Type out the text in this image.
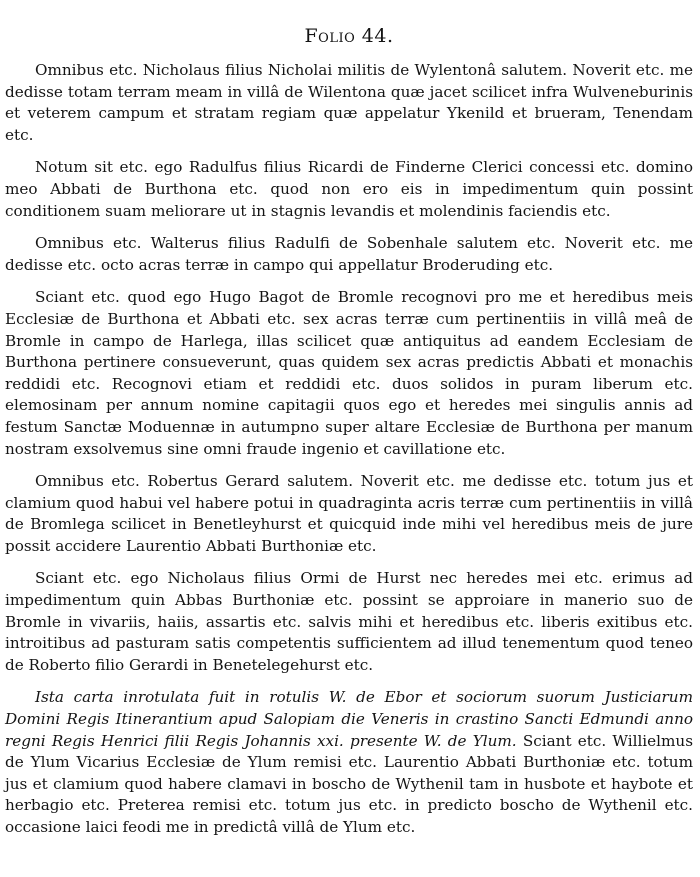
Folio 44.

Omnibus etc. Nicholaus filius Nicholai militis de Wylentonâ salutem. Noverit etc. me dedisse totam terram meam in villâ de Wilentona quæ jacet scilicet infra Wulveneburinis et veterem campum et stratam regiam quæ appelatur Ykenild et brueram, Tenendam etc.

Notum sit etc. ego Radulfus filius Ricardi de Finderne Clerici concessi etc. domino meo Abbati de Burthona etc. quod non ero eis in impedimentum quin possint conditionem suam meliorare ut in stagnis levandis et molendinis faciendis etc.

Omnibus etc. Walterus filius Radulfi de Sobenhale salutem etc. Noverit etc. me dedisse etc. octo acras terræ in campo qui appellatur Broderuding etc.

Sciant etc. quod ego Hugo Bagot de Bromle recognovi pro me et heredibus meis Ecclesiæ de Burthona et Abbati etc. sex acras terræ cum pertinentiis in villâ meâ de Bromle in campo de Harlega, illas scilicet quæ antiquitus ad eandem Ecclesiam de Burthona pertinere consueverunt, quas quidem sex acras predictis Abbati et monachis reddidi etc. Recognovi etiam et reddidi etc. duos solidos in puram liberum etc. elemosinam per annum nomine capitagii quos ego et heredes mei singulis annis ad festum Sanctæ Moduennæ in autumpno super altare Ecclesiæ de Burthona per manum nostram exsolvemus sine omni fraude ingenio et cavillatione etc.

Omnibus etc. Robertus Gerard salutem. Noverit etc. me dedisse etc. totum jus et clamium quod habui vel habere potui in quadraginta acris terræ cum pertinentiis in villâ de Bromlega scilicet in Benetleyhurst et quicquid inde mihi vel heredibus meis de jure possit accidere Laurentio Abbati Burthoniæ etc.

Sciant etc. ego Nicholaus filius Ormi de Hurst nec heredes mei etc. erimus ad impedimentum quin Abbas Burthoniæ etc. possint se approiare in manerio suo de Bromle in vivariis, haiis, assartis etc. salvis mihi et heredibus etc. liberis exitibus etc. introitibus ad pasturam satis competentis sufficientem ad illud tenementum quod teneo de Roberto filio Gerardi in Benetelegehurst etc.

Ista carta inrotulata fuit in rotulis W. de Ebor et sociorum suorum Justiciarum Domini Regis Itinerantium apud Salopiam die Veneris in crastino Sancti Edmundi anno regni Regis Henrici filii Regis Johannis xxi. presente W. de Ylum. Sciant etc. Willielmus de Ylum Vicarius Ecclesiæ de Ylum remisi etc. Laurentio Abbati Burthoniæ etc. totum jus et clamium quod habere clamavi in boscho de Wythenil tam in husbote et haybote et herbagio etc. Preterea remisi etc. totum jus etc. in predicto boscho de Wythenil etc. occasione laici feodi me in predictâ villâ de Ylum etc.
